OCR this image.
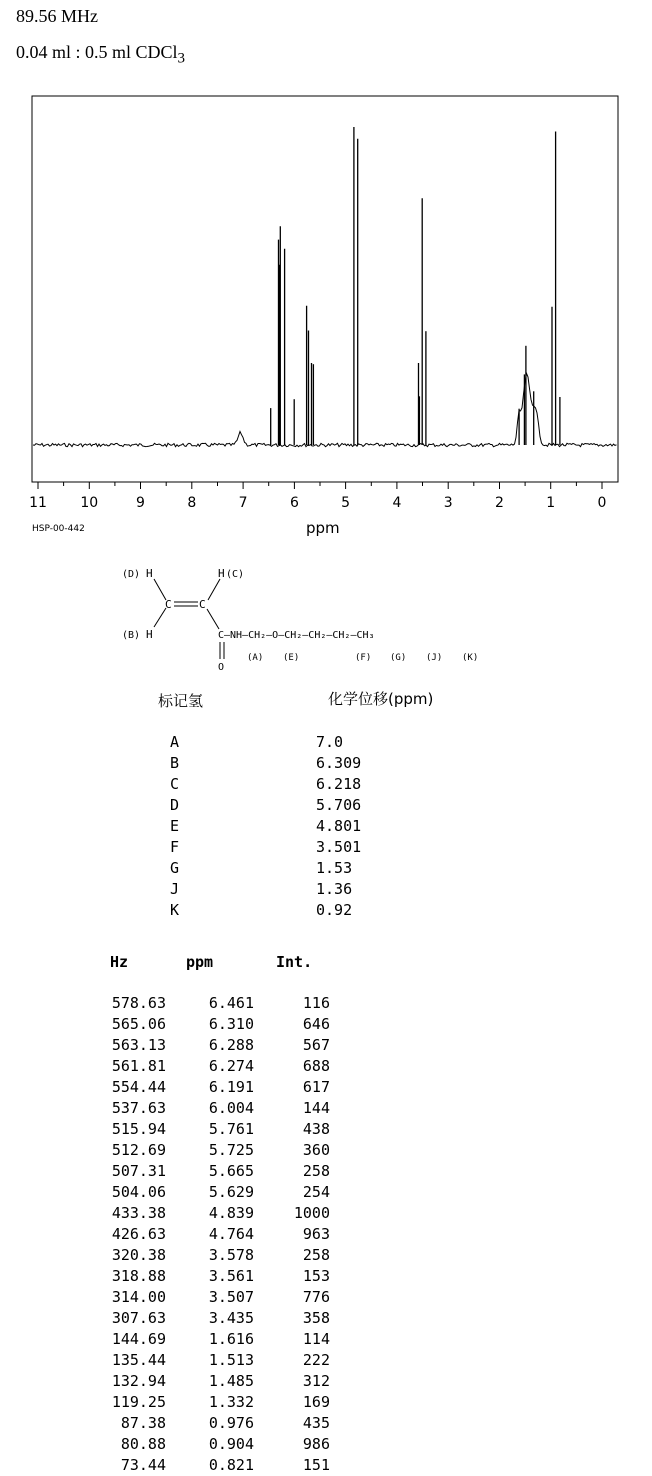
89.56 MHz
0.04 ml : 0.5 ml CDCl$_3$
11 10	9	8	7	6	5	4	3	2	1	0
HSP-00-442	ppm
(D) H
(B) H
H (C)
C C
C—NH—CH₂—O—CH₂—CH₂—CH₂—CH₃
O
(A) (E)	(F) (G) (J) (K)
标记氢	化学位移(ppm)
A	7.0
B	6.309
C	6.218
D	5.706
E	4.801
F	3.501
G	1.53
J	1.36
K	0.92
Hz	ppm	Int.
578.63	6.461	116
565.06	6.310	646
563.13	6.288	567
561.81	6.274	688
554.44	6.191	617
537.63	6.004	144
515.94	5.761	438
512.69	5.725	360
507.31	5.665	258
504.06	5.629	254
433.38	4.839	1000
426.63	4.764	963
320.38	3.578	258
318.88	3.561	153
314.00	3.507	776
307.63	3.435	358
144.69	1.616	114
135.44	1.513	222
132.94	1.485	312
119.25	1.332	169
87.38	0.976	435
80.88	0.904	986
73.44	0.821	151
